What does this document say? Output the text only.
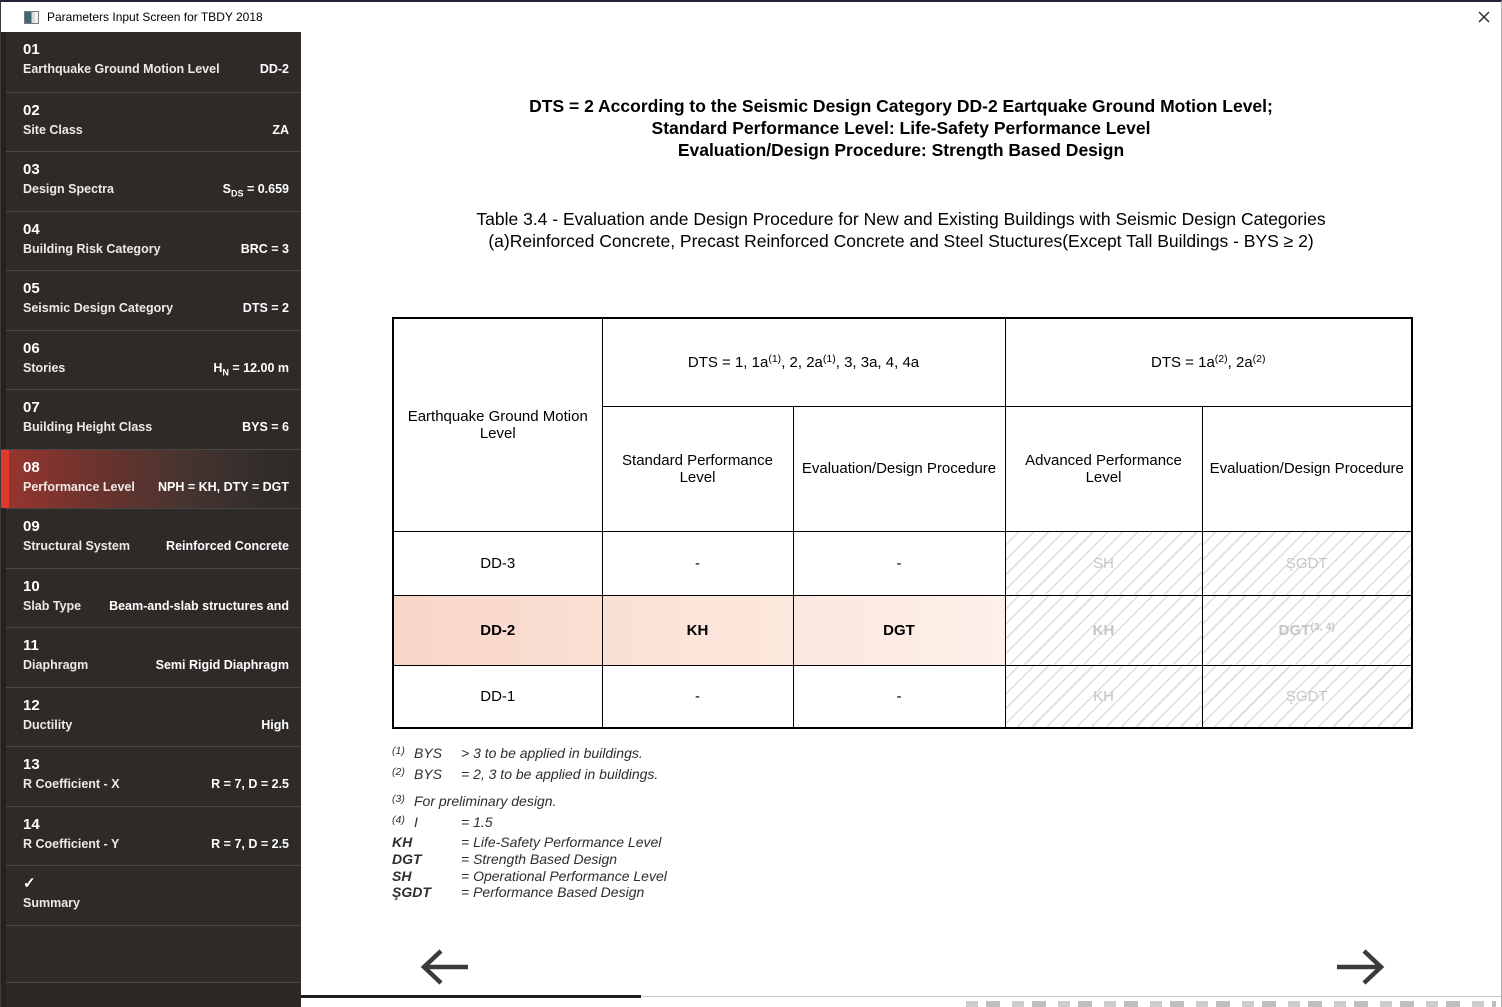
Parameters Input Screen for TBDY 2018
01
Earthquake Ground Motion Level	DD-2
02
Site Class	ZA
03
Design Spectra	$S_{DS} = 0.659$
04
Building Risk Category	BRC = 3
05
Seismic Design Category	DTS = 2
06
Stories	$H_N = 12.00$ m
07
Building Height Class	BYS = 6
08
Performance Level	NPH = KH, DTY = DGT
09
Structural System	Reinforced Concrete
10
Slab Type	Beam-and-slab structures and
11
Diaphragm	Semi Rigid Diaphragm
12
Ductility	High
13
R Coefficient - X	R = 7, D = 2.5
14
R Coefficient - Y	R = 7, D = 2.5
✓
Summary
DTS = 2 According to the Seismic Design Category DD-2 Eartquake Ground Motion Level;
Standard Performance Level: Life-Safety Performance Level
Evaluation/Design Procedure: Strength Based Design
Table 3.4 - Evaluation ande Design Procedure for New and Existing Buildings with Seismic Design Categories
(a)Reinforced Concrete, Precast Reinforced Concrete and Steel Stuctures(Except Tall Buildings - BYS ≥ 2)
Earthquake Ground Motion Level	DTS = 1, $1a^{(1)}$, 2, $2a^{(1)}$, 3, 3a, 4, 4a		DTS = $1a^{(2)}$, $2a^{(2)}$
	Standard Performance Level	Evaluation/Design Procedure	Advanced Performance Level	Evaluation/Design Procedure
DD-3	-	-	SH	ŞGDT
DD-2	KH	DGT	KH	DGT$^{(3, 4)}$
DD-1	-	-	KH	ŞGDT
(1) BYS	> 3 to be applied in buildings.
(2) BYS	= 2, 3 to be applied in buildings.
(3) For preliminary design.
(4) I	= 1.5
KH	= Life-Safety Performance Level
DGT	= Strength Based Design
SH	= Operational Performance Level
ŞGDT	= Performance Based Design
